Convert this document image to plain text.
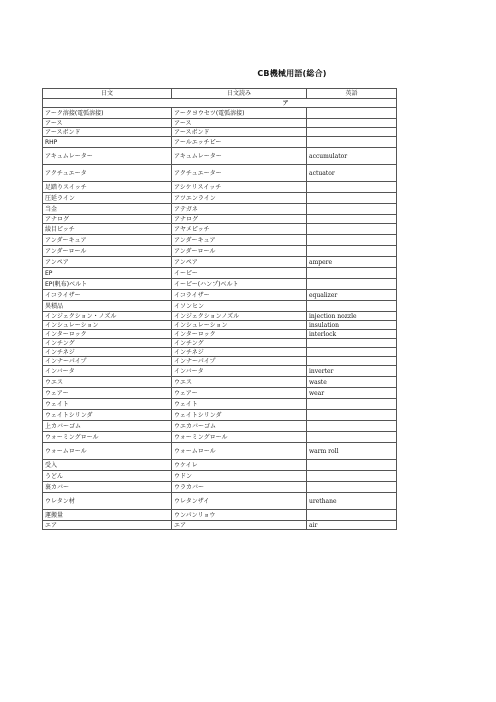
CB機械用語(総合)
日文	日文読み	英語
ア		
アーク溶接(電弧溶接)	アークヨウセツ(電弧溶接)	
アース	アース	
アースボンド	アースボンド	
RHP	アールエッチピー	
アキュムレーター	アキュムレーター	accumulator
アクチュエータ	アクチュエーター	actuator
足踏りスイッチ	アシケリスイッチ	
圧延ライン	アツエンライン	
当金	アテガネ	
アナログ	アナログ	
綾目ピッチ	アヤメピッチ	
アンダーキュア	アンダーキュア	
アンダーロール	アンダーロール	
アンペア	アンペア	ampere
EP	イーピー	
EP(帆布)ベルト	イーピー(ハンプ)ベルト	
イコライザー	イコライザー	equalizer
異積品	イソンヒン	
インジェクション・ノズル	インジェクションノズル	injection nozzle
インシュレーション	インシュレーション	insulation
インターロック	インターロック	interlock
インチング	インチング	
インチネジ	インチネジ	
インナーパイプ	インナーパイプ	
インバータ	インバータ	inverter
ウエス	ウエス	waste
ウェアー	ウェアー	wear
ウェイト	ウェイト	
ウェイトシリンダ	ウェイトシリンダ	
上カバーゴム	ウエカバーゴム	
ウォーミングロール	ウォーミングロール	
ウォームロール	ウォームロール	warm roll
受入	ウケイレ	
うどん	ウドン	
裏カバー	ウラカバー	
ウレタン材	ウレタンザイ	urethane
運搬量	ウンパンリョウ	
エア	エア	air
